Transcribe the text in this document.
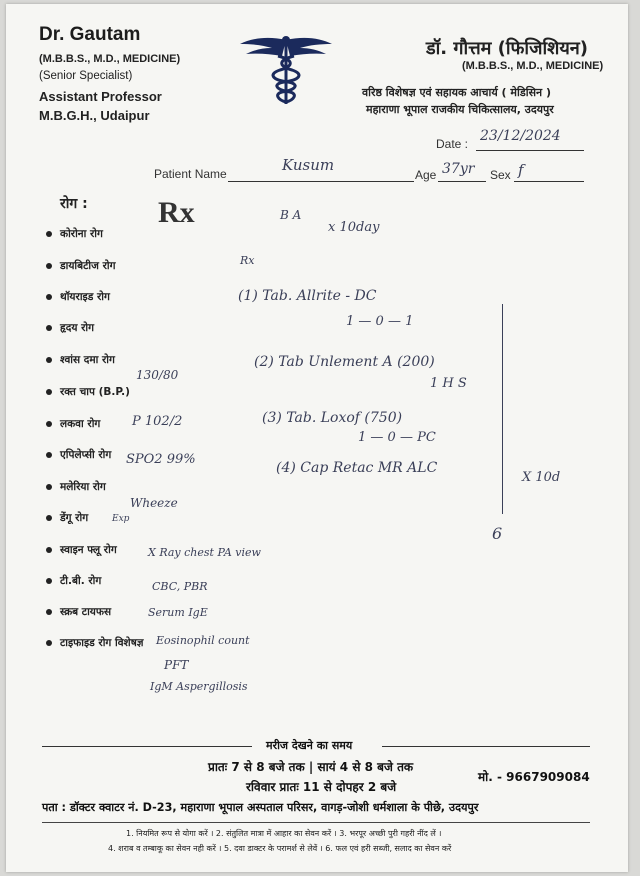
Dr. Gautam
(M.B.B.S., M.D., MEDICINE)
(Senior Specialist)
Assistant Professor
M.B.G.H., Udaipur
डॉ. गौत्तम (फिजिशियन)
(M.B.B.S., M.D., MEDICINE)
वरिष्ठ विशेषज्ञ एवं सहायक आचार्य ( मेडिसिन )
महाराणा भूपाल राजकीय चिकित्सालय, उदयपुर
Date : 23/12/2024
Patient Name	Kusum
Age 37yr Sex f
रोग : Rx
कोरोना रोग
डायबिटीज रोग
थॉयराइड रोग
हृदय रोग
श्वांस दमा रोग
रक्त चाप (B.P.)
लकवा रोग
एपिलेप्सी रोग
मलेरिया रोग
डेंगू रोग
स्वाइन फ्लू रोग
टी.बी. रोग
स्क्रब टायफस
टाइफाइड रोग विशेषज्ञ
B A
x 10day
Rx
130/80
P 102/2
SPO2 99%
Wheeze
Exp
X Ray chest PA view
CBC, PBR
Serum IgE
Eosinophil count
PFT
IgM Aspergillosis
(1) Tab. Allrite - DC
1 — 0 — 1
(2) Tab Unlement A (200)
1 H S
(3) Tab. Loxof (750)
1 — 0 — PC
(4) Cap Retac MR ALC
X 10d
6
मरीज देखने का समय
प्रातः 7 से 8 बजे तक | सायं 4 से 8 बजे तक
रविवार प्रातः 11 से दोपहर 2 बजे
मो. - 9667909084
पता : डॉक्टर क्वाटर नं. D-23, महाराणा भूपाल अस्पताल परिसर, वागड़-जोशी धर्मशाला के पीछे, उदयपुर
1. नियमित रूप से योगा करें । 2. संतुलित मात्रा में आहार का सेवन करें । 3. भरपूर अच्छी पुरी गहरी नींद लें ।
4. शराब व तम्बाकू का सेवन नही करें । 5. दवा डाक्टर के परामर्श से लेवें । 6. फल एवं हरी सब्जी, सलाद का सेवन करें
